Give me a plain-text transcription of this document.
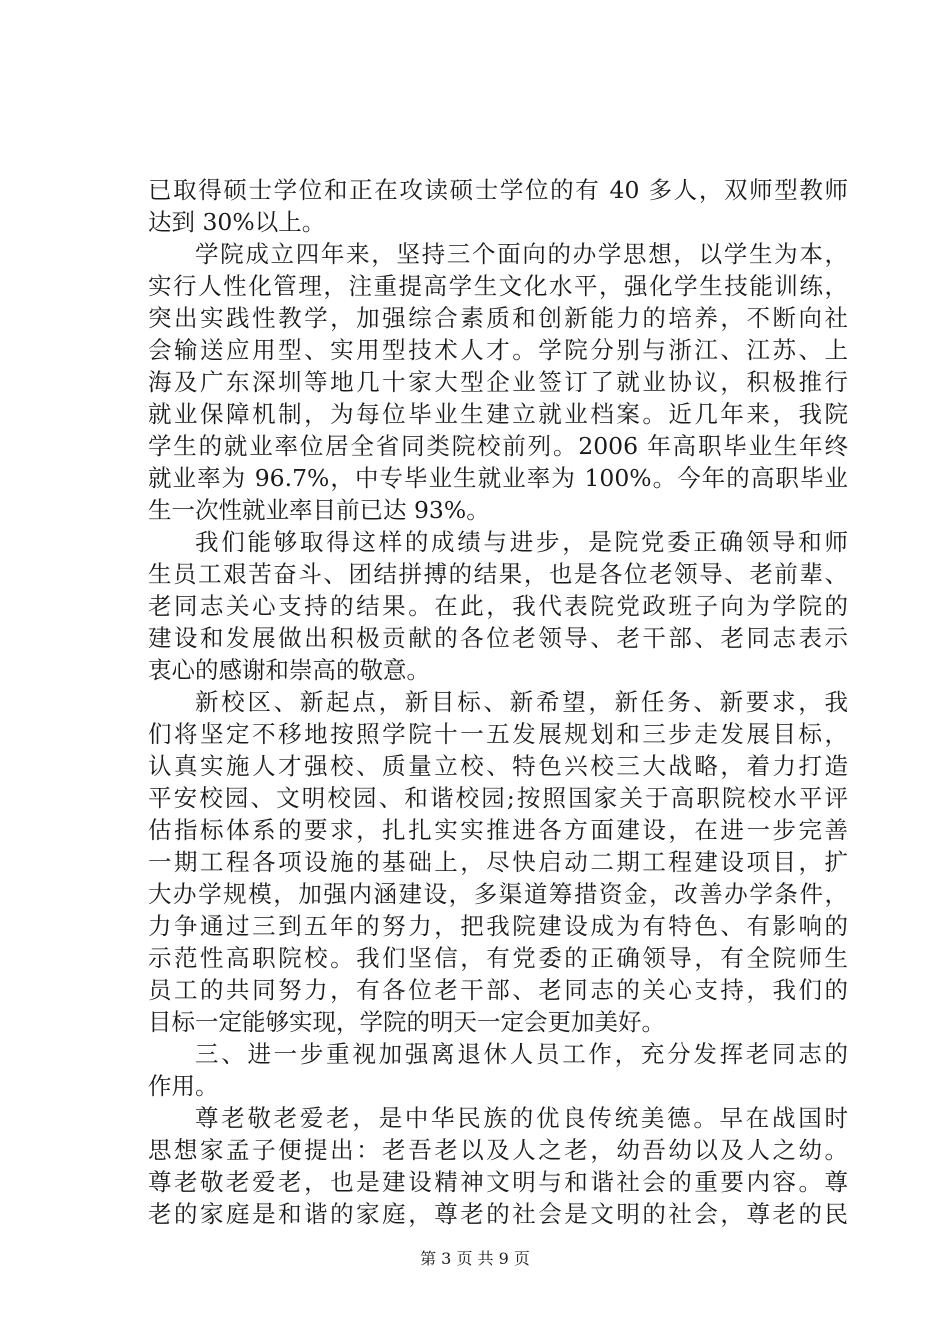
已取得硕士学位和正在攻读硕士学位的有 40 多人，双师型教师
达到 30%以上。
学院成立四年来，坚持三个面向的办学思想，以学生为本，
实行人性化管理，注重提高学生文化水平，强化学生技能训练，
突出实践性教学，加强综合素质和创新能力的培养，不断向社
会输送应用型、实用型技术人才。学院分别与浙江、江苏、上
海及广东深圳等地几十家大型企业签订了就业协议，积极推行
就业保障机制，为每位毕业生建立就业档案。近几年来，我院
学生的就业率位居全省同类院校前列。2006 年高职毕业生年终
就业率为 96.7%，中专毕业生就业率为 100%。今年的高职毕业
生一次性就业率目前已达 93%。
我们能够取得这样的成绩与进步，是院党委正确领导和师
生员工艰苦奋斗、团结拼搏的结果，也是各位老领导、老前辈、
老同志关心支持的结果。在此，我代表院党政班子向为学院的
建设和发展做出积极贡献的各位老领导、老干部、老同志表示
衷心的感谢和崇高的敬意。
新校区、新起点，新目标、新希望，新任务、新要求，我
们将坚定不移地按照学院十一五发展规划和三步走发展目标，
认真实施人才强校、质量立校、特色兴校三大战略，着力打造
平安校园、文明校园、和谐校园;按照国家关于高职院校水平评
估指标体系的要求，扎扎实实推进各方面建设，在进一步完善
一期工程各项设施的基础上，尽快启动二期工程建设项目，扩
大办学规模，加强内涵建设，多渠道筹措资金，改善办学条件，
力争通过三到五年的努力，把我院建设成为有特色、有影响的
示范性高职院校。我们坚信，有党委的正确领导，有全院师生
员工的共同努力，有各位老干部、老同志的关心支持，我们的
目标一定能够实现，学院的明天一定会更加美好。
三、进一步重视加强离退休人员工作，充分发挥老同志的
作用。
尊老敬老爱老，是中华民族的优良传统美德。早在战国时
思想家孟子便提出：老吾老以及人之老，幼吾幼以及人之幼。
尊老敬老爱老，也是建设精神文明与和谐社会的重要内容。尊
老的家庭是和谐的家庭，尊老的社会是文明的社会，尊老的民
第 3 页 共 9 页
